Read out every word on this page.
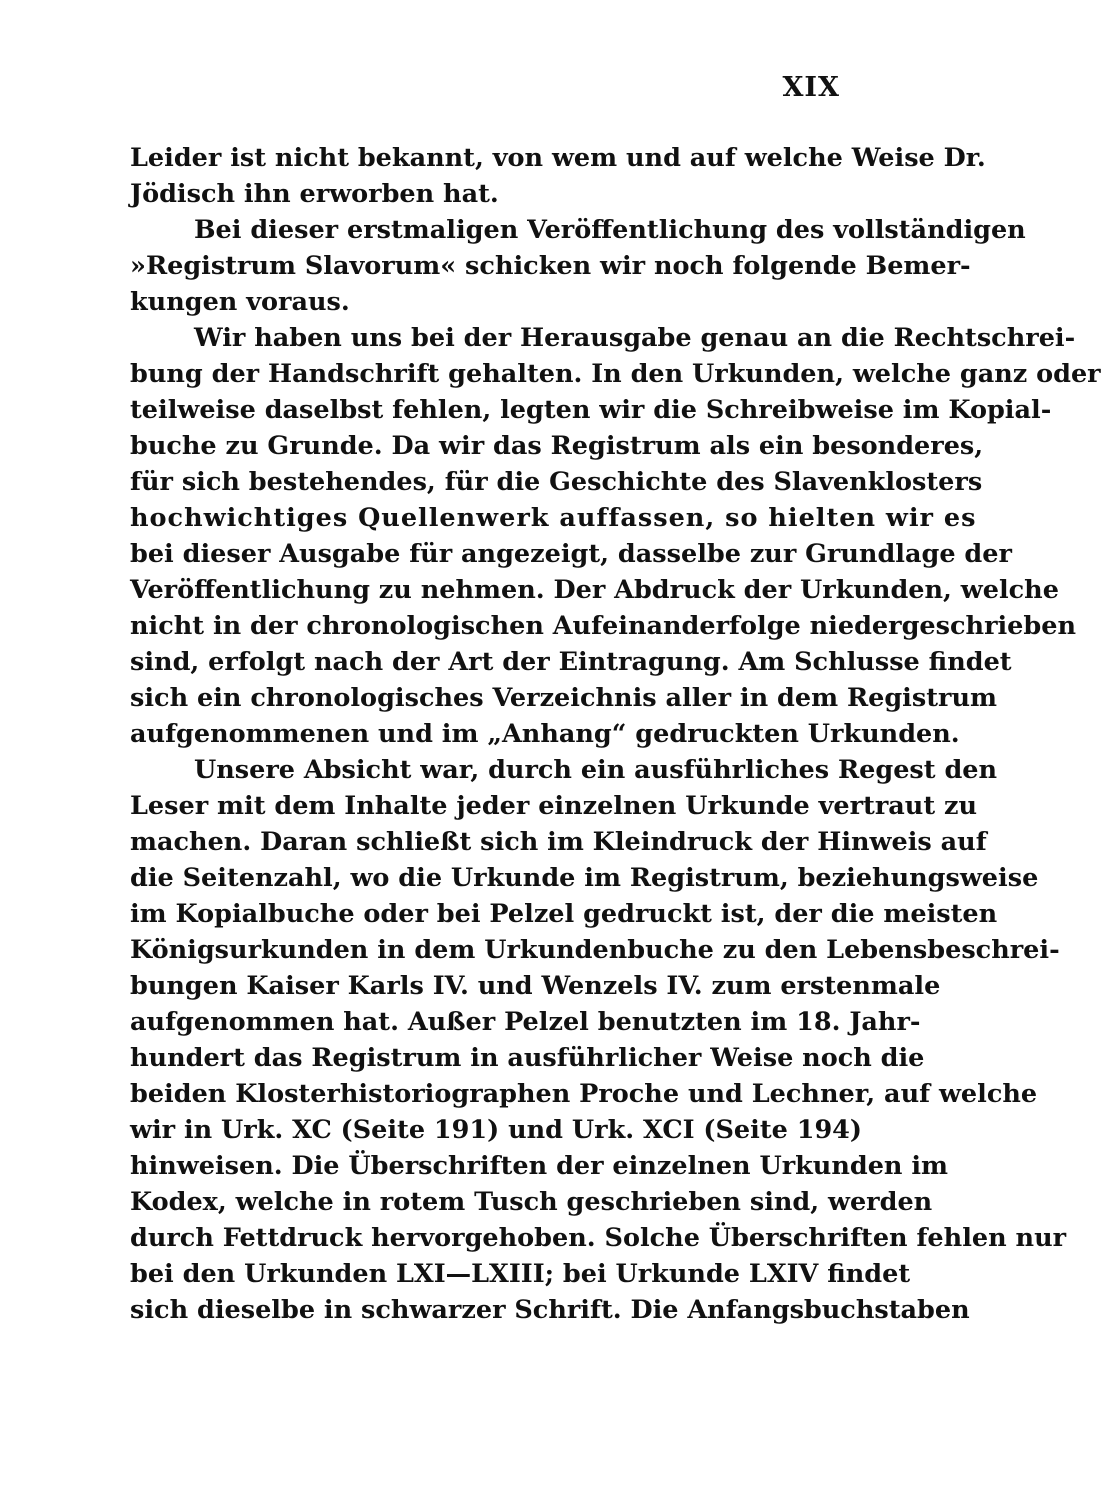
XIX
Leider ist nicht bekannt, von wem und auf welche Weise Dr.
Jödisch ihn erworben hat.
Bei dieser erstmaligen Veröffentlichung des vollständigen
»Registrum Slavorum« schicken wir noch folgende Bemer-
kungen voraus.
Wir haben uns bei der Herausgabe genau an die Rechtschrei-
bung der Handschrift gehalten. In den Urkunden, welche ganz oder
teilweise daselbst fehlen, legten wir die Schreibweise im Kopial-
buche zu Grunde. Da wir das Registrum als ein besonderes,
für sich bestehendes, für die Geschichte des Slavenklosters
hochwichtiges Quellenwerk auffassen, so hielten wir es
bei dieser Ausgabe für angezeigt, dasselbe zur Grundlage der
Veröffentlichung zu nehmen. Der Abdruck der Urkunden, welche
nicht in der chronologischen Aufeinanderfolge niedergeschrieben
sind, erfolgt nach der Art der Eintragung. Am Schlusse findet
sich ein chronologisches Verzeichnis aller in dem Registrum
aufgenommenen und im „Anhang“ gedruckten Urkunden.
Unsere Absicht war, durch ein ausführliches Regest den
Leser mit dem Inhalte jeder einzelnen Urkunde vertraut zu
machen. Daran schließt sich im Kleindruck der Hinweis auf
die Seitenzahl, wo die Urkunde im Registrum, beziehungsweise
im Kopialbuche oder bei Pelzel gedruckt ist, der die meisten
Königsurkunden in dem Urkundenbuche zu den Lebensbeschrei-
bungen Kaiser Karls IV. und Wenzels IV. zum erstenmale
aufgenommen hat. Außer Pelzel benutzten im 18. Jahr-
hundert das Registrum in ausführlicher Weise noch die
beiden Klosterhistoriographen Proche und Lechner, auf welche
wir in Urk. XC (Seite 191) und Urk. XCI (Seite 194)
hinweisen. Die Überschriften der einzelnen Urkunden im
Kodex, welche in rotem Tusch geschrieben sind, werden
durch Fettdruck hervorgehoben. Solche Überschriften fehlen nur
bei den Urkunden LXI—LXIII; bei Urkunde LXIV findet
sich dieselbe in schwarzer Schrift. Die Anfangsbuchstaben
